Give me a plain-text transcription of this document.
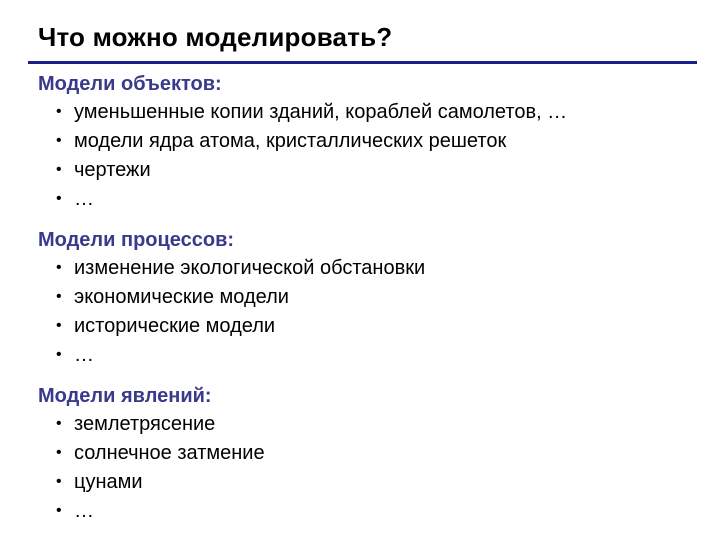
Что можно моделировать?
Модели объектов:
• уменьшенные копии зданий, кораблей самолетов, …
• модели ядра атома, кристаллических решеток
• чертежи
• …
Модели процессов:
• изменение экологической обстановки
• экономические модели
• исторические модели
• …
Модели явлений:
• землетрясение
• солнечное затмение
• цунами
• …
